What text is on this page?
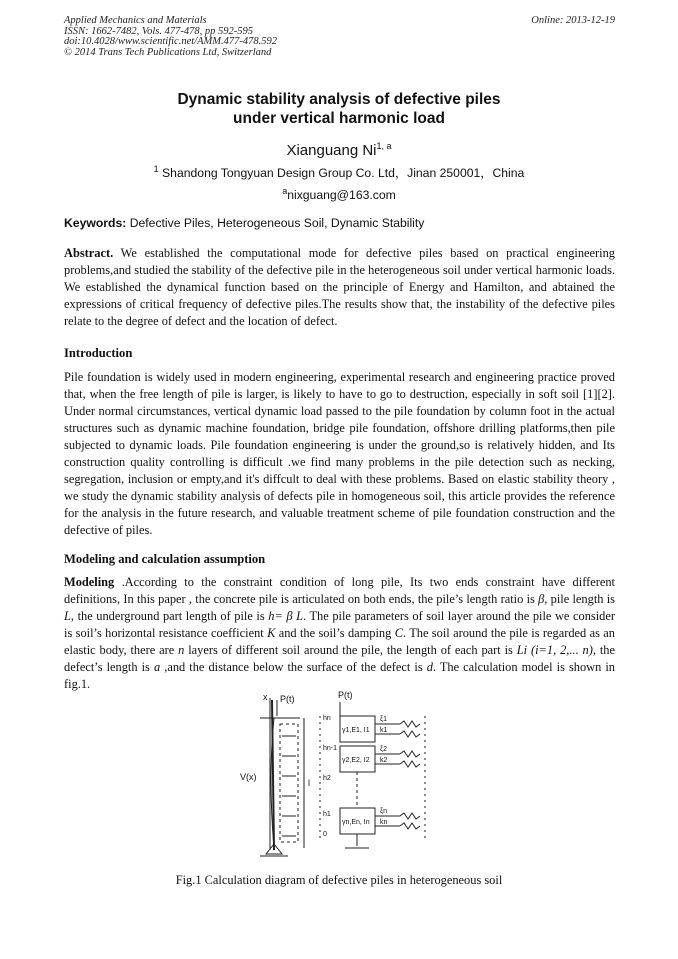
Applied Mechanics and Materials
ISSN: 1662-7482, Vols. 477-478, pp 592-595
doi:10.4028/www.scientific.net/AMM.477-478.592
© 2014 Trans Tech Publications Ltd, Switzerland
Online: 2013-12-19
Dynamic stability analysis of defective piles
under vertical harmonic load
Xianguang Ni$^{1, a}$
$^1$ Shandong Tongyuan Design Group Co. Ltd，Jinan 250001，China
$^a$nixguang@163.com
Keywords: Defective Piles, Heterogeneous Soil, Dynamic Stability
Abstract. We established the computational mode for defective piles based on practical engineering problems,and studied the stability of the defective pile in the heterogeneous soil under vertical harmonic loads. We established the dynamical function based on the principle of Energy and Hamilton, and abtained the expressions of critical frequency of defective piles.The results show that, the instability of the defective piles relate to the degree of defect and the location of defect.
Introduction
Pile foundation is widely used in modern engineering, experimental research and engineering practice proved that, when the free length of pile is larger, is likely to have to go to destruction, especially in soft soil [1][2]. Under normal circumstances, vertical dynamic load passed to the pile foundation by column foot in the actual structures such as dynamic machine foundation, bridge pile foundation, offshore drilling platforms,then pile subjected to dynamic loads. Pile foundation engineering is under the ground,so is relatively hidden, and Its construction quality controlling is difficult .we find many problems in the pile detection such as necking, segregation, inclusion or empty,and it's diffcult to deal with these problems. Based on elastic stability theory , we study the dynamic stability analysis of defects pile in homogeneous soil, this article provides the reference for the analysis in the future research, and valuable treatment scheme of pile foundation construction and the defective of piles.
Modeling and calculation assumption
Modeling .According to the constraint condition of long pile, Its two ends constraint have different definitions, In this paper , the concrete pile is articulated on both ends, the pile’s length ratio is β, pile length is L, the underground part length of pile is h= β L. The pile parameters of soil layer around the pile we consider is soil’s horizontal resistance coefficient K and the soil’s damping C. The soil around the pile is regarded as an elastic body, there are n layers of different soil around the pile, the length of each part is Li (i=1, 2,... n), the defect’s length is a ,and the distance below the surface of the defect is d. The calculation model is shown in fig.1.
x P(t)
V(x)
l
P(t)
hn
hn-1
h2
h1
0
γ1,E1, I1
γ2,E2, I2
γn,En, In
ξ1
k1
ξ2
k2
ξn
kn
Fig.1 Calculation diagram of defective piles in heterogeneous soil
